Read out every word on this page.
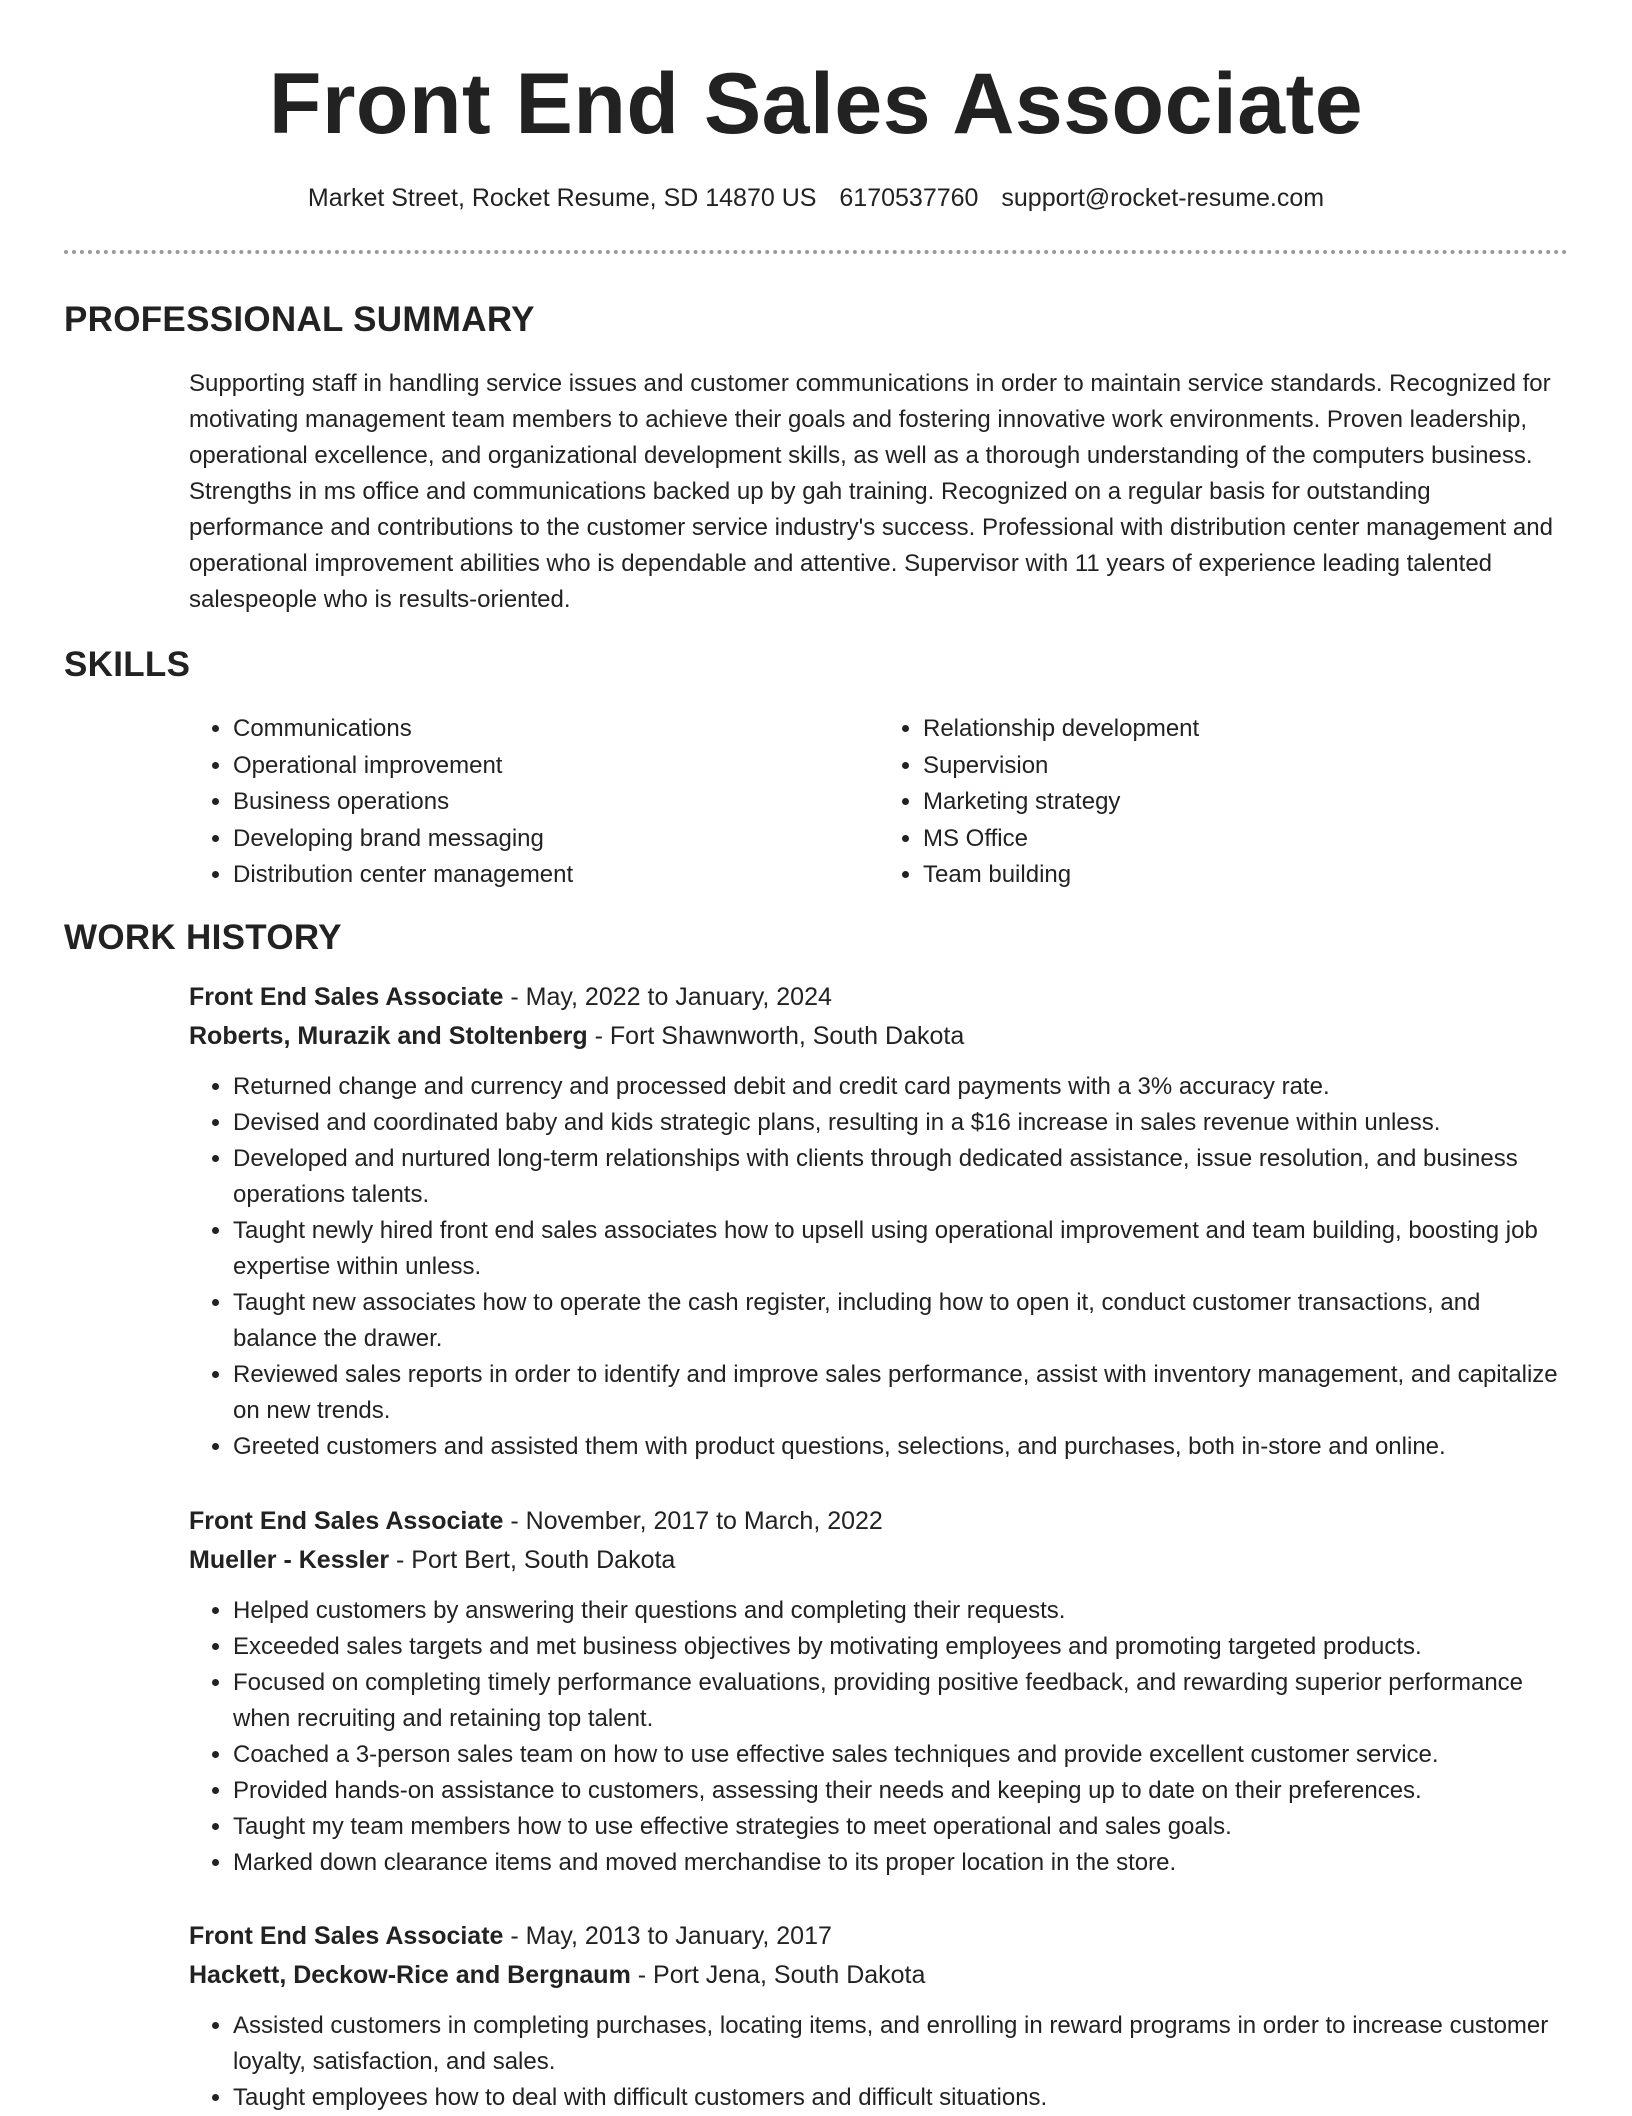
Front End Sales Associate
Market Street, Rocket Resume, SD 14870 US 6170537760 support@rocket-resume.com
PROFESSIONAL SUMMARY

Supporting staff in handling service issues and customer communications in order to maintain service standards. Recognized for motivating management team members to achieve their goals and fostering innovative work environments. Proven leadership, operational excellence, and organizational development skills, as well as a thorough understanding of the computers business. Strengths in ms office and communications backed up by gah training. Recognized on a regular basis for outstanding performance and contributions to the customer service industry's success. Professional with distribution center management and operational improvement abilities who is dependable and attentive. Supervisor with 11 years of experience leading talented salespeople who is results-oriented.

SKILLS
• Communications
• Operational improvement
• Business operations
• Developing brand messaging
• Distribution center management
• Relationship development
• Supervision
• Marketing strategy
• MS Office
• Team building
WORK HISTORY
Front End Sales Associate - May, 2022 to January, 2024
Roberts, Murazik and Stoltenberg - Fort Shawnworth, South Dakota
• Returned change and currency and processed debit and credit card payments with a 3% accuracy rate.
• Devised and coordinated baby and kids strategic plans, resulting in a $16 increase in sales revenue within unless.
• Developed and nurtured long-term relationships with clients through dedicated assistance, issue resolution, and business operations talents.
• Taught newly hired front end sales associates how to upsell using operational improvement and team building, boosting job expertise within unless.
• Taught new associates how to operate the cash register, including how to open it, conduct customer transactions, and balance the drawer.
• Reviewed sales reports in order to identify and improve sales performance, assist with inventory management, and capitalize on new trends.
• Greeted customers and assisted them with product questions, selections, and purchases, both in-store and online.
Front End Sales Associate - November, 2017 to March, 2022
Mueller - Kessler - Port Bert, South Dakota
• Helped customers by answering their questions and completing their requests.
• Exceeded sales targets and met business objectives by motivating employees and promoting targeted products.
• Focused on completing timely performance evaluations, providing positive feedback, and rewarding superior performance when recruiting and retaining top talent.
• Coached a 3-person sales team on how to use effective sales techniques and provide excellent customer service.
• Provided hands-on assistance to customers, assessing their needs and keeping up to date on their preferences.
• Taught my team members how to use effective strategies to meet operational and sales goals.
• Marked down clearance items and moved merchandise to its proper location in the store.
Front End Sales Associate - May, 2013 to January, 2017
Hackett, Deckow-Rice and Bergnaum - Port Jena, South Dakota
• Assisted customers in completing purchases, locating items, and enrolling in reward programs in order to increase customer loyalty, satisfaction, and sales.
• Taught employees how to deal with difficult customers and difficult situations.
